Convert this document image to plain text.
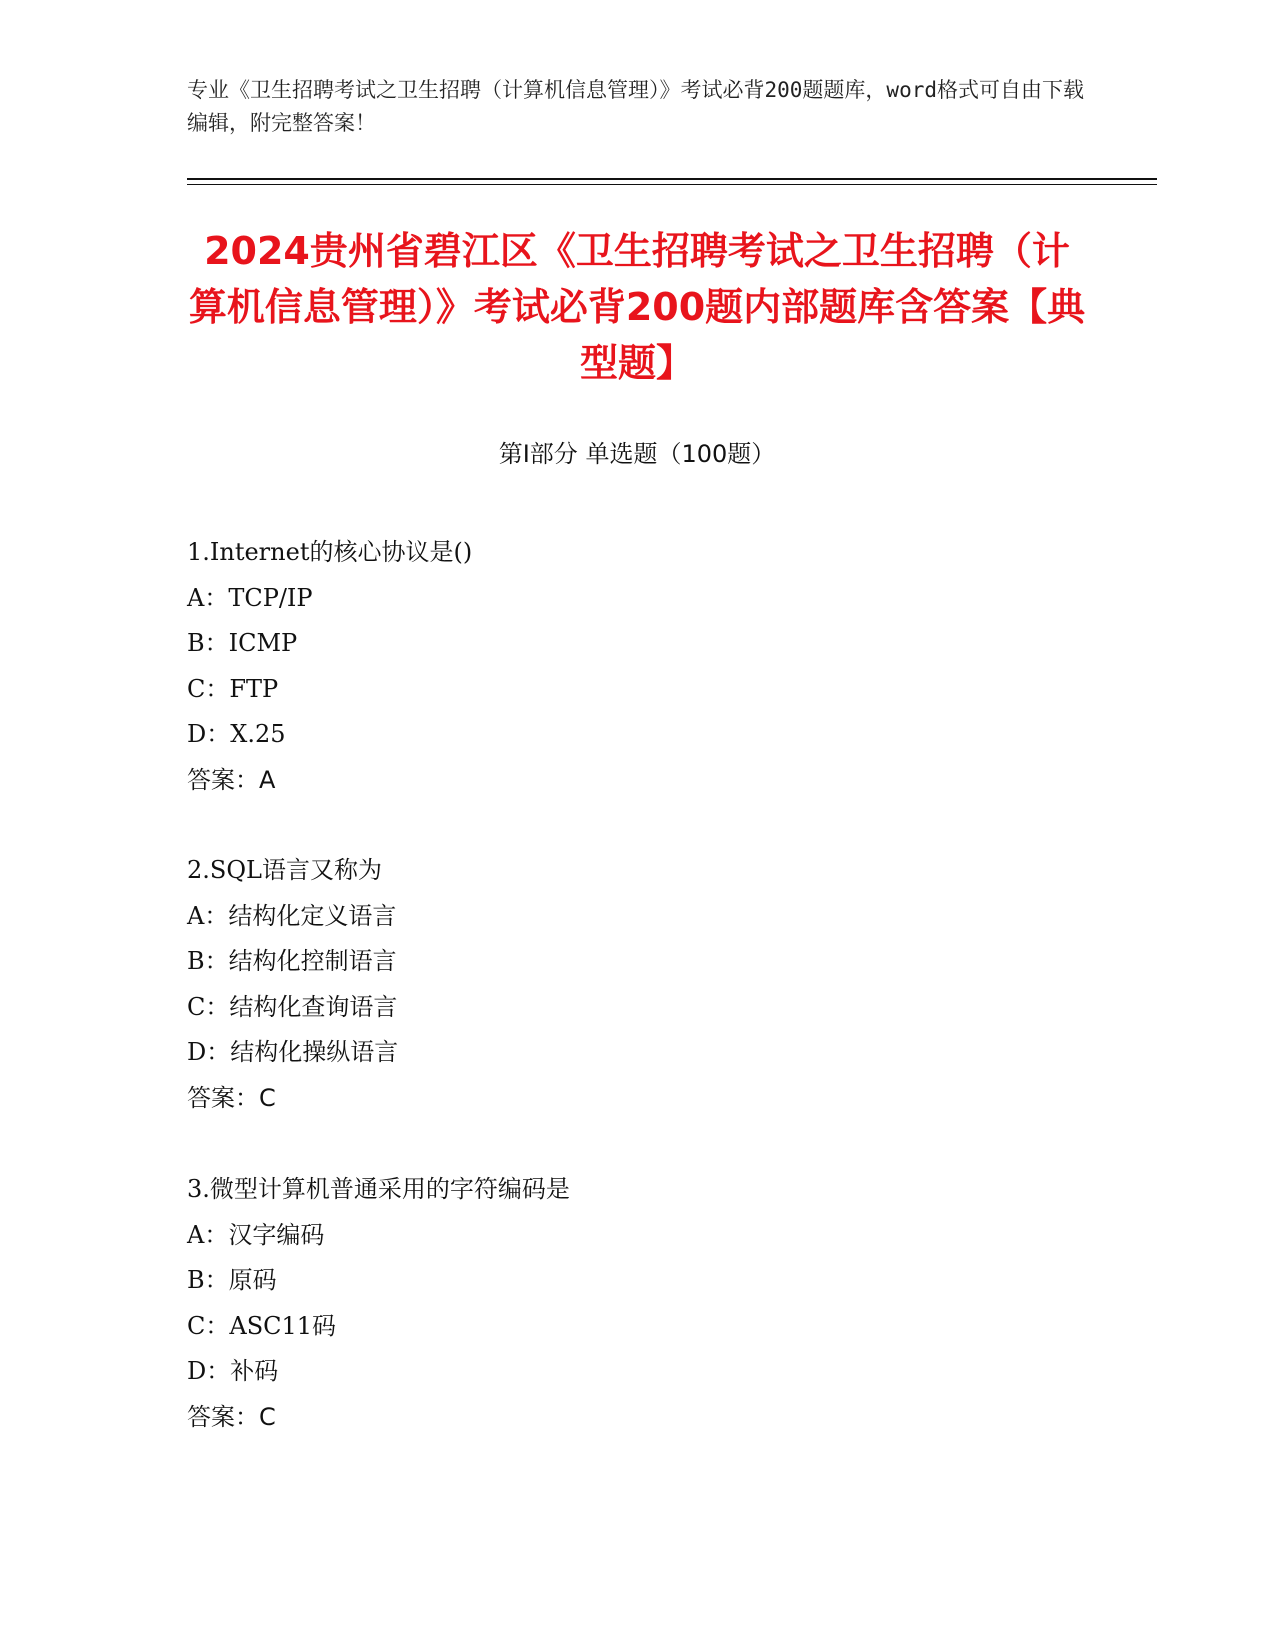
专业《卫生招聘考试之卫生招聘（计算机信息管理）》考试必背200题题库，word格式可自由下载编辑，附完整答案！
2024贵州省碧江区《卫生招聘考试之卫生招聘（计算机信息管理）》考试必背200题内部题库含答案【典型题】
第Ⅰ部分 单选题（100题）
1.Internet的核心协议是()
A：TCP/IP
B：ICMP
C：FTP
D：X.25
答案：A
2.SQL语言又称为
A：结构化定义语言
B：结构化控制语言
C：结构化查询语言
D：结构化操纵语言
答案：C
3.微型计算机普通采用的字符编码是
A：汉字编码
B：原码
C：ASC11码
D：补码
答案：C
